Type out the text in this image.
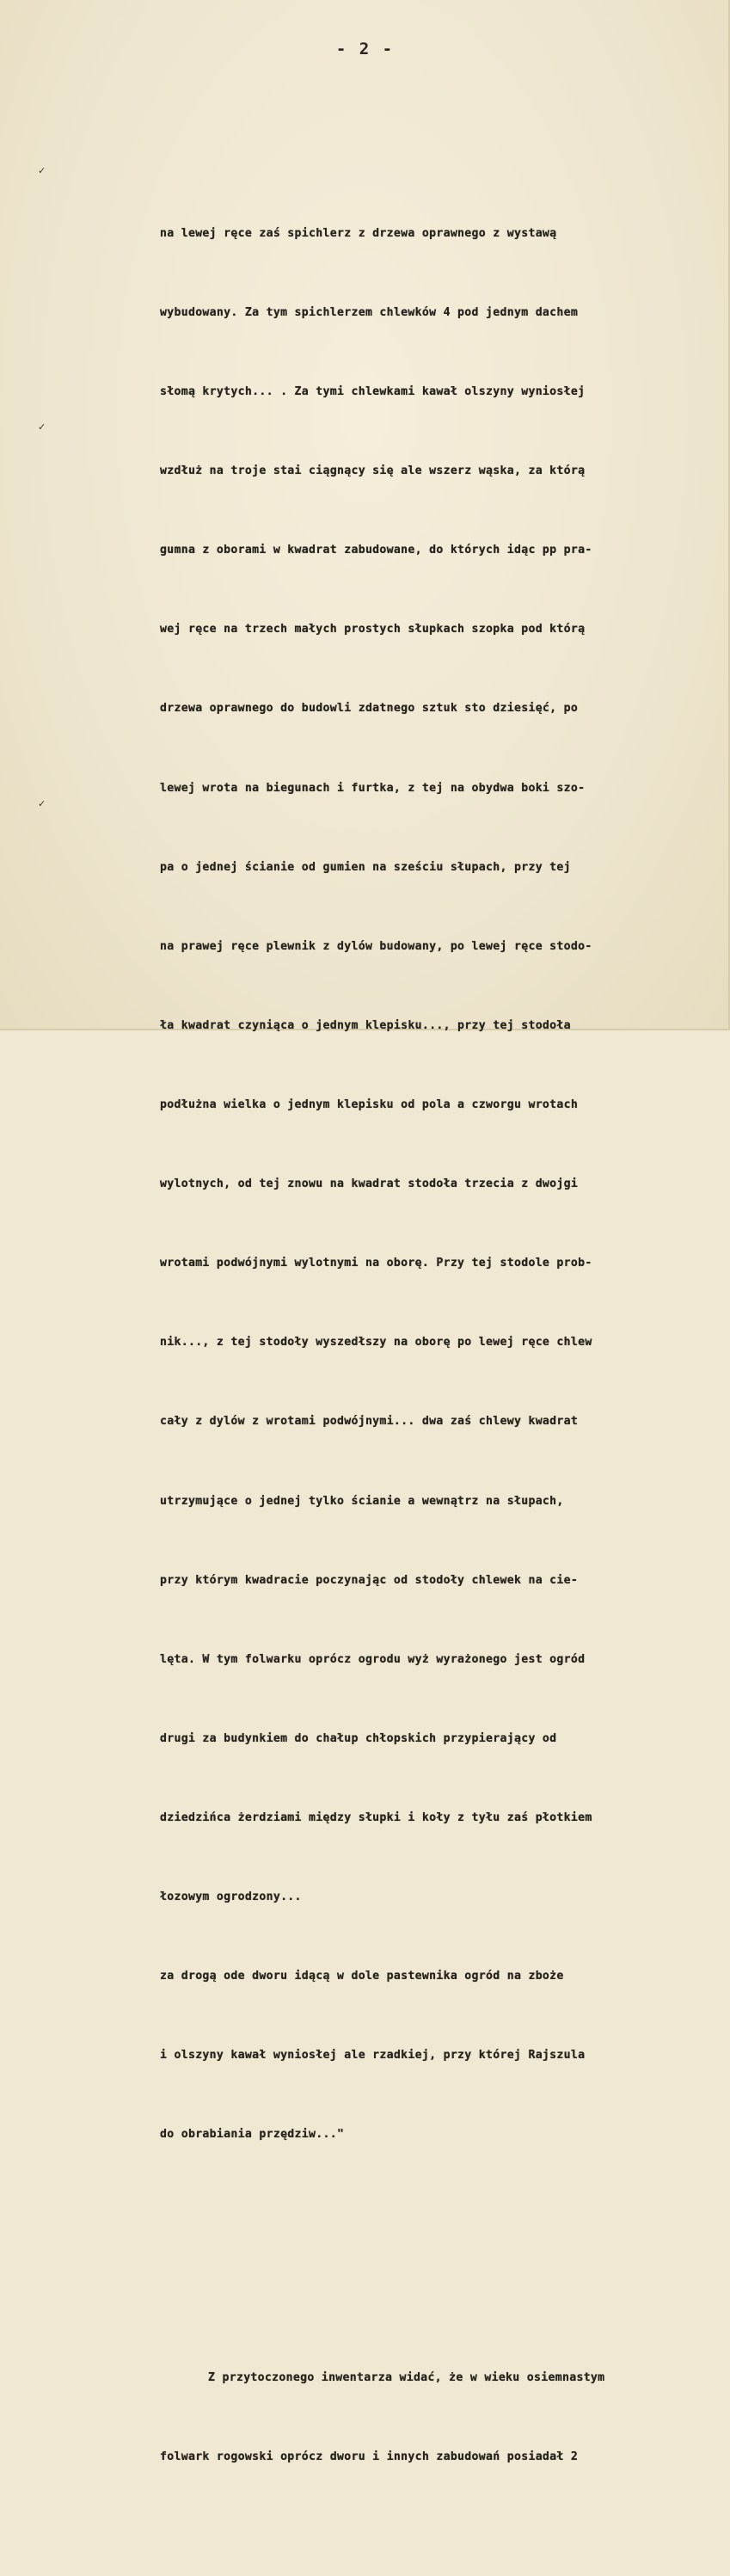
- 2 -
✓
✓
✓

na lewej ręce zaś spichlerz z drzewa oprawnego z wystawą

wybudowany. Za tym spichlerzem chlewków 4 pod jednym dachem

słomą krytych... . Za tymi chlewkami kawał olszyny wyniosłej

wzdłuż na troje stai ciągnący się ale wszerz wąska, za którą

gumna z oborami w kwadrat zabudowane, do których idąc pp pra-

wej ręce na trzech małych prostych słupkach szopka pod którą

drzewa oprawnego do budowli zdatnego sztuk sto dziesięć, po

lewej wrota na biegunach i furtka, z tej na obydwa boki szo-

pa o jednej ścianie od gumien na sześciu słupach, przy tej

na prawej ręce plewnik z dylów budowany, po lewej ręce stodo-

ła kwadrat czyniąca o jednym klepisku..., przy tej stodoła

podłużna wielka o jednym klepisku od pola a czworgu wrotach

wylotnych, od tej znowu na kwadrat stodoła trzecia z dwojgi

wrotami podwójnymi wylotnymi na oborę. Przy tej stodole prob-

nik..., z tej stodoły wyszedłszy na oborę po lewej ręce chlew

cały z dylów z wrotami podwójnymi... dwa zaś chlewy kwadrat

utrzymujące o jednej tylko ścianie a wewnątrz na słupach,

przy którym kwadracie poczynając od stodoły chlewek na cie-

lęta. W tym folwarku oprócz ogrodu wyż wyrażonego jest ogród

drugi za budynkiem do chałup chłopskich przypierający od

dziedzińca żerdziami między słupki i koły z tyłu zaś płotkiem

łozowym ogrodzony...

za drogą ode dworu idącą w dole pastewnika ogród na zboże

i olszyny kawał wyniosłej ale rzadkiej, przy której Rajszula

do obrabiania przędziw..."

Z przytoczonego inwentarza widać, że w wieku osiemnastym

folwark rogowski oprócz dworu i innych zabudowań posiadał 2
